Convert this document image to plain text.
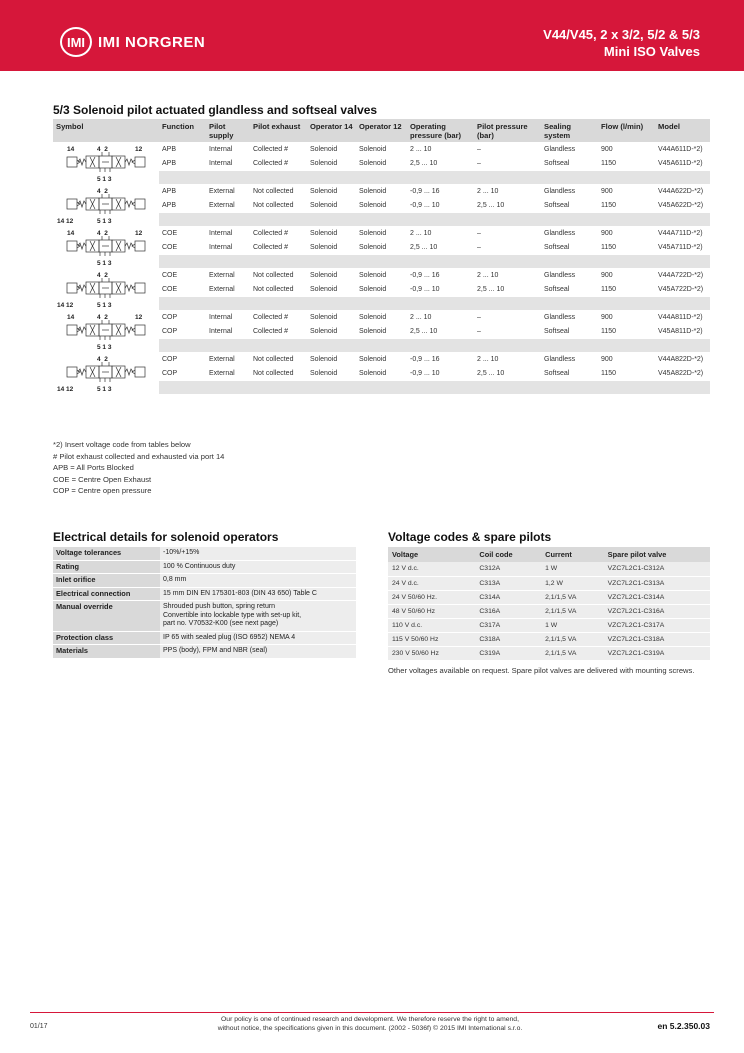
IMI IMI NORGREN	V44/V45, 2 x 3/2, 5/2 & 5/3
Mini ISO Valves
5/3 Solenoid pilot actuated glandless and softseal valves
Symbol	Function	Pilot supply	Pilot exhaust	Operator 14	Operator 12	Operating pressure (bar)	Pilot pressure (bar)	Sealing system	Flow (l/min)	Model

14 4  2 12
5 1 3	APB	Internal	Collected #	Solenoid	Solenoid	2 ... 10	–	Glandless	900	V44A611D-*2)
	APB	Internal	Collected #	Solenoid	Solenoid	2,5 ... 10	–	Softseal	1150	V45A611D-*2)

4  2
14 12 5 1 3	APB	External	Not collected	Solenoid	Solenoid	-0,9 ... 16	2 ... 10	Glandless	900	V44A622D-*2)
	APB	External	Not collected	Solenoid	Solenoid	-0,9 ... 10	2,5 ... 10	Softseal	1150	V45A622D-*2)

14 4  2 12
5 1 3	COE	Internal	Collected #	Solenoid	Solenoid	2 ... 10	–	Glandless	900	V44A711D-*2)
	COE	Internal	Collected #	Solenoid	Solenoid	2,5 ... 10	–	Softseal	1150	V45A711D-*2)

4  2
14 12 5 1 3	COE	External	Not collected	Solenoid	Solenoid	-0,9 ... 16	2 ... 10	Glandless	900	V44A722D-*2)
	COE	External	Not collected	Solenoid	Solenoid	-0,9 ... 10	2,5 ... 10	Softseal	1150	V45A722D-*2)

14 4  2 12
5 1 3	COP	Internal	Collected #	Solenoid	Solenoid	2 ... 10	–	Glandless	900	V44A811D-*2)
	COP	Internal	Collected #	Solenoid	Solenoid	2,5 ... 10	–	Softseal	1150	V45A811D-*2)

4  2
14 12 5 1 3	COP	External	Not collected	Solenoid	Solenoid	-0,9 ... 16	2 ... 10	Glandless	900	V44A822D-*2)
	COP	External	Not collected	Solenoid	Solenoid	-0,9 ... 10	2,5 ... 10	Softseal	1150	V45A822D-*2)

*2) Insert voltage code from tables below
# Pilot exhaust collected and exhausted via port 14
APB = All Ports Blocked
COE = Centre Open Exhaust
COP = Centre open pressure
Electrical details for solenoid operators
Voltage tolerances	-10%/+15%

Rating	100 % Continuous duty

Inlet orifice	0,8 mm

Electrical connection	15 mm DIN EN 175301-803 (DIN 43 650) Table C

Manual override	Shrouded push button, spring return
Convertible into lockable type with set-up kit,
part no. V70532-K00 (see next page)

Protection class	IP 65 with sealed plug (ISO 6952) NEMA 4

Materials	PPS (body), FPM and NBR (seal)
Voltage codes & spare pilots
Voltage	Coil code	Current	Spare pilot valve
12 V d.c.	C312A	1 W	VZC7L2C1-C312A
24 V d.c.	C313A	1,2 W	VZC7L2C1-C313A
24 V 50/60 Hz.	C314A	2,1/1,5 VA	VZC7L2C1-C314A
48 V 50/60 Hz	C316A	2,1/1,5 VA	VZC7L2C1-C316A
110 V d.c.	C317A	1 W	VZC7L2C1-C317A
115 V 50/60 Hz	C318A	2,1/1,5 VA	VZC7L2C1-C318A
230 V 50/60 Hz	C319A	2,1/1,5 VA	VZC7L2C1-C319A
Other voltages available on request. Spare pilot valves are delivered with mounting screws.
01/17
Our policy is one of continued research and development. We therefore reserve the right to amend,
without notice, the specifications given in this document. (2002 - 5036f) © 2015 IMI International s.r.o.	en 5.2.350.03
